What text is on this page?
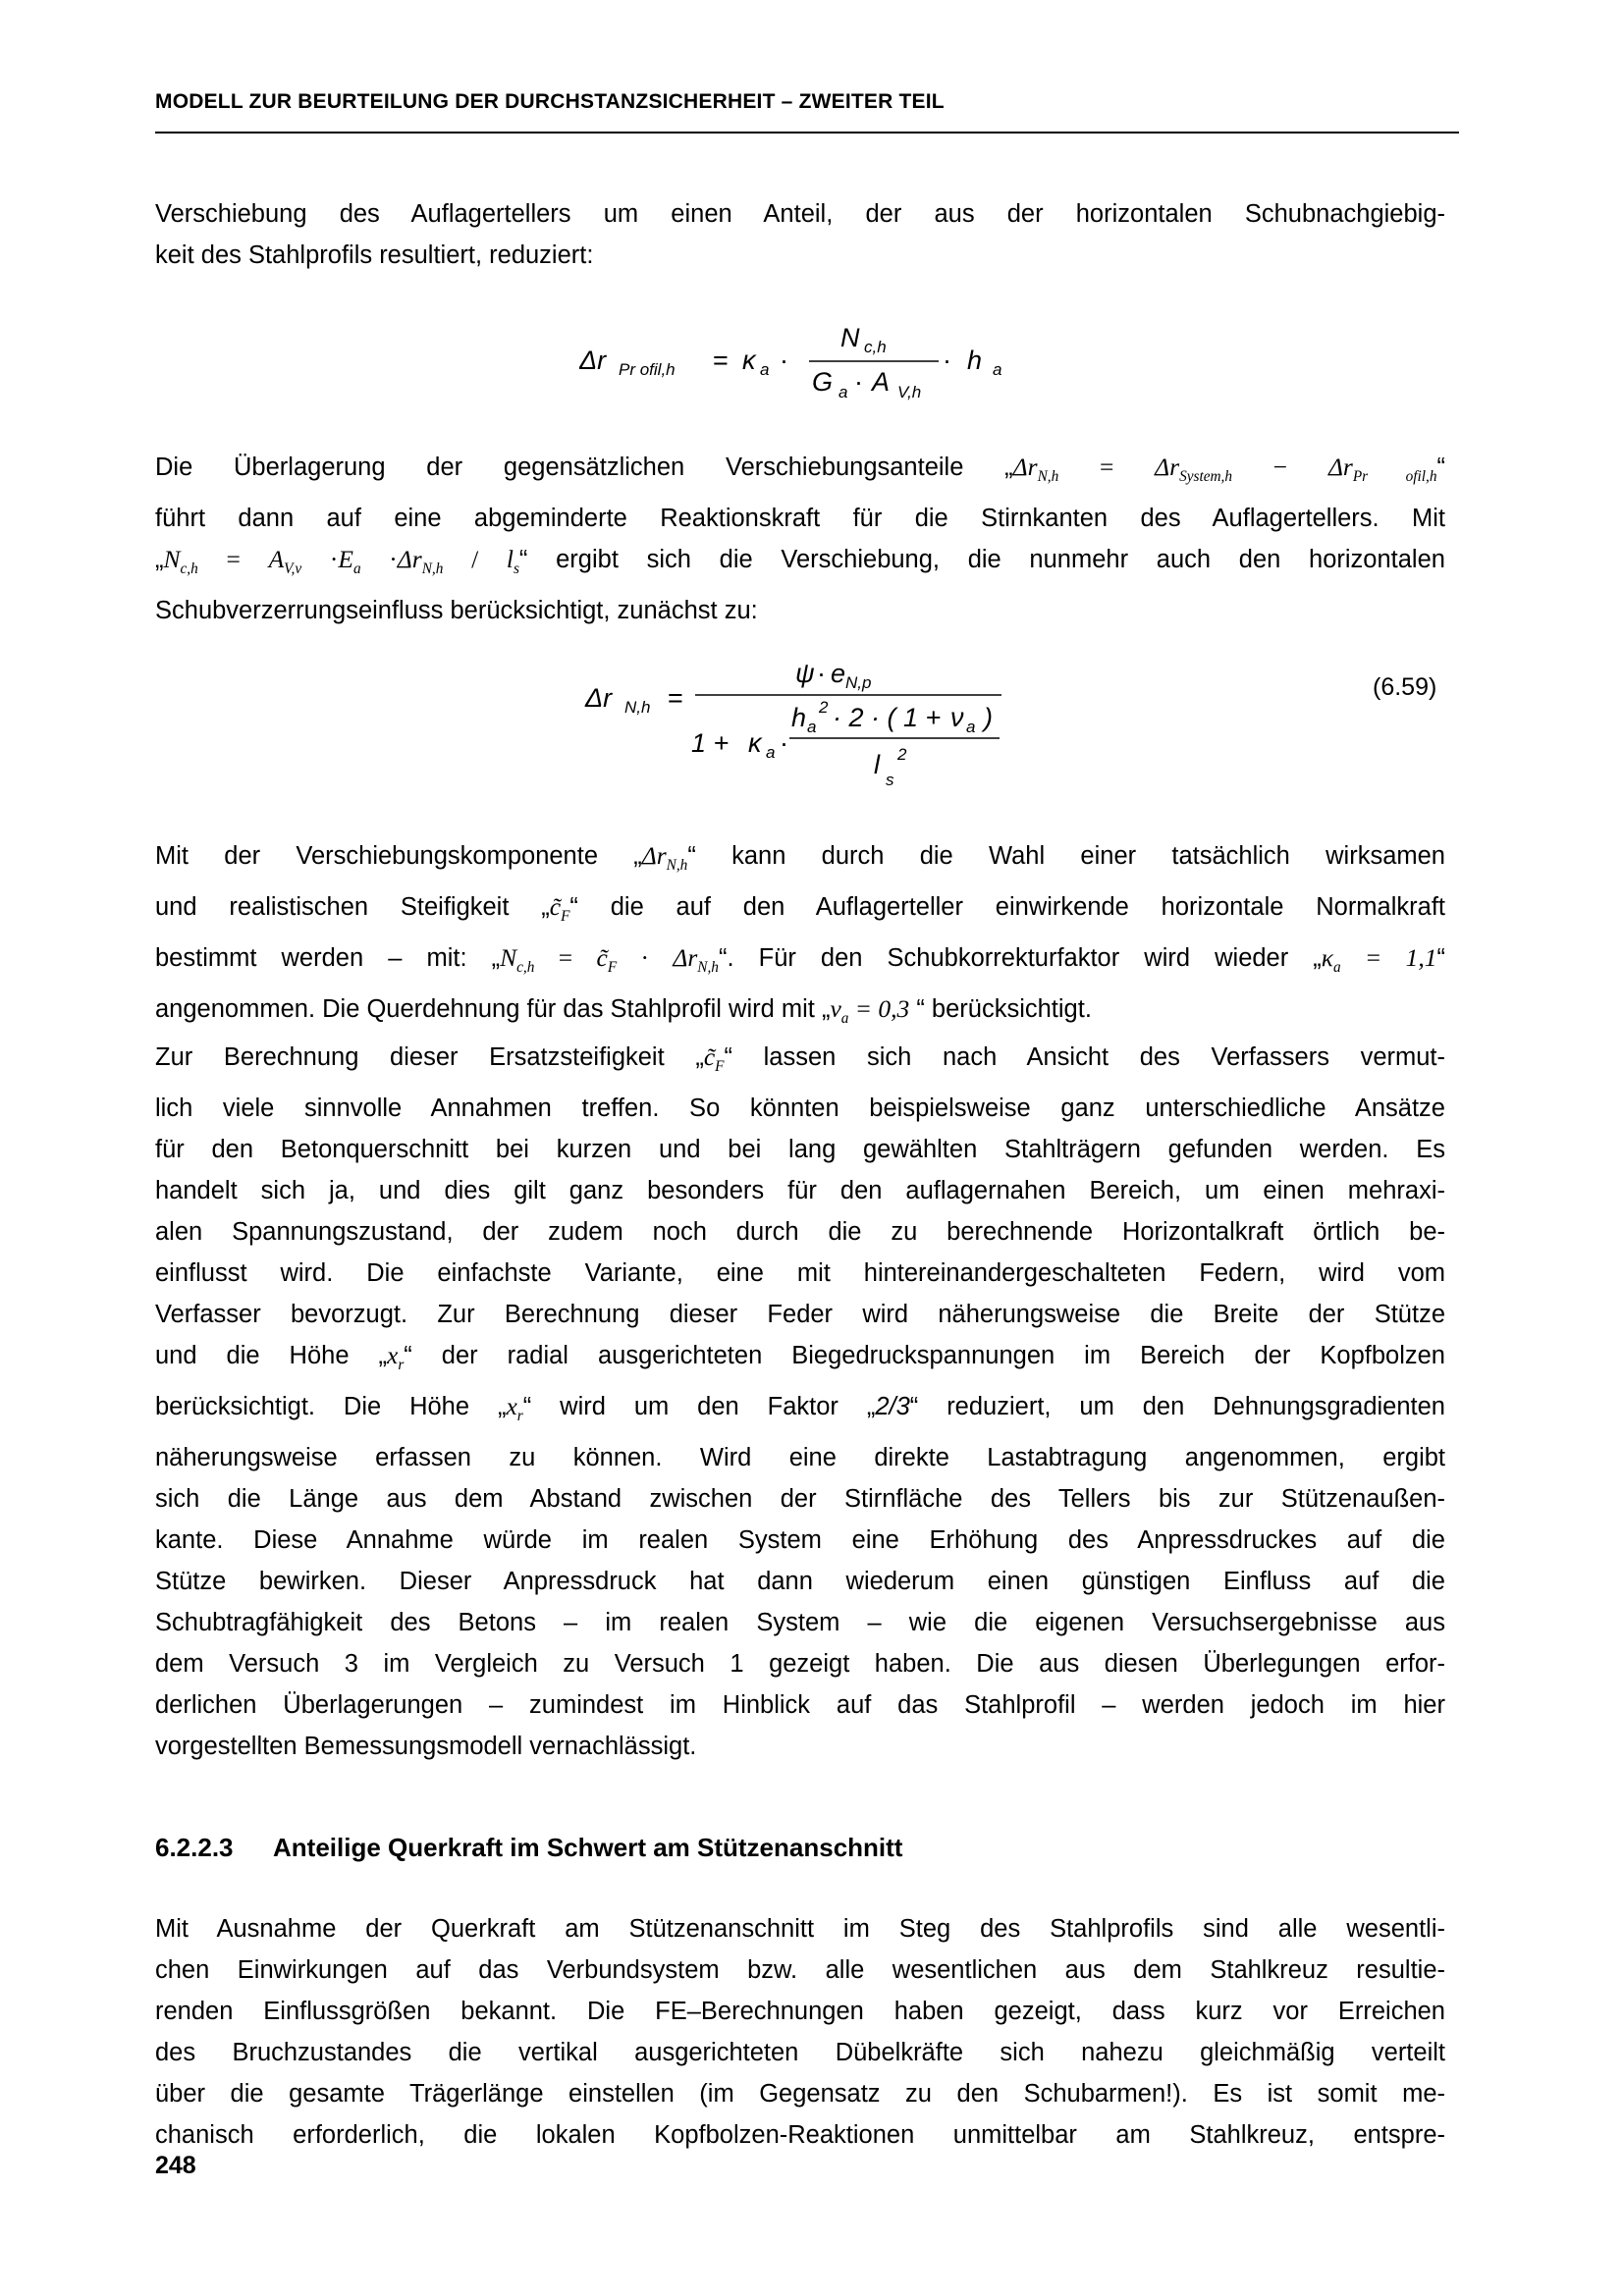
MODELL ZUR BEURTEILUNG DER DURCHSTANZSICHERHEIT – ZWEITER TEIL
Verschiebung des Auflagertellers um einen Anteil, der aus der horizontalen Schubnachgiebig-
keit des Stahlprofils resultiert, reduziert:
Δr Pr ofil,h = κ a ·
N c,h
G a · A V,h
· h a
Die Überlagerung der gegensätzlichen Verschiebungsanteile $„\Delta r_{N,h} = \Delta r_{System,h}$ − $\Delta r_{Pr ofil,h}“$
führt dann auf eine abgeminderte Reaktionskraft für die Stirnkanten des Auflagertellers. Mit
$„N_{c,h} = A_{V,v} \cdot E_a \cdot\Delta r_{N,h}$ / $l_s“$ ergibt sich die Verschiebung, die nunmehr auch den horizontalen
Schubverzerrungseinfluss berücksichtigt, zunächst zu:
Δr N,h =
ψ · e N,p
1 + κ a ·
h a
2 · 2 · ( 1 + ν a )
l
s
2
(6.59)
Mit der Verschiebungskomponente $„\Delta r_{N,h}“$ kann durch die Wahl einer tatsächlich wirksamen
und realistischen Steifigkeit $„c̃_F“$ die auf den Auflagerteller einwirkende horizontale Normalkraft
bestimmt werden – mit: $„N_{c,h}$ = $c̃_F$ · $\Delta r_{N,h}“$. Für den Schubkorrekturfaktor wird wieder $„\kappa_a$ = 1,1“
angenommen. Die Querdehnung für das Stahlprofil wird mit $„\nu_a = 0,3$ “ berücksichtigt.
Zur Berechnung dieser Ersatzsteifigkeit $„c̃_F“$ lassen sich nach Ansicht des Verfassers vermut-
lich viele sinnvolle Annahmen treffen. So könnten beispielsweise ganz unterschiedliche Ansätze
für den Betonquerschnitt bei kurzen und bei lang gewählten Stahlträgern gefunden werden. Es
handelt sich ja, und dies gilt ganz besonders für den auflagernahen Bereich, um einen mehraxi-
alen Spannungszustand, der zudem noch durch die zu berechnende Horizontalkraft örtlich be-
einflusst wird. Die einfachste Variante, eine mit hintereinandergeschalteten Federn, wird vom
Verfasser bevorzugt. Zur Berechnung dieser Feder wird näherungsweise die Breite der Stütze
und die Höhe $„x_r“$ der radial ausgerichteten Biegedruckspannungen im Bereich der Kopfbolzen
berücksichtigt. Die Höhe $„x_r“$ wird um den Faktor „2/3“ reduziert, um den Dehnungsgradienten
näherungsweise erfassen zu können. Wird eine direkte Lastabtragung angenommen, ergibt
sich die Länge aus dem Abstand zwischen der Stirnfläche des Tellers bis zur Stützenaußen-
kante. Diese Annahme würde im realen System eine Erhöhung des Anpressdruckes auf die
Stütze bewirken. Dieser Anpressdruck hat dann wiederum einen günstigen Einfluss auf die
Schubtragfähigkeit des Betons – im realen System – wie die eigenen Versuchsergebnisse aus
dem Versuch 3 im Vergleich zu Versuch 1 gezeigt haben. Die aus diesen Überlegungen erfor-
derlichen Überlagerungen – zumindest im Hinblick auf das Stahlprofil – werden jedoch im hier
vorgestellten Bemessungsmodell vernachlässigt.
6.2.2.3 Anteilige Querkraft im Schwert am Stützenanschnitt
Mit Ausnahme der Querkraft am Stützenanschnitt im Steg des Stahlprofils sind alle wesentli-
chen Einwirkungen auf das Verbundsystem bzw. alle wesentlichen aus dem Stahlkreuz resultie-
renden Einflussgrößen bekannt. Die FE–Berechnungen haben gezeigt, dass kurz vor Erreichen
des Bruchzustandes die vertikal ausgerichteten Dübelkräfte sich nahezu gleichmäßig verteilt
über die gesamte Trägerlänge einstellen (im Gegensatz zu den Schubarmen!). Es ist somit me-
chanisch erforderlich, die lokalen Kopfbolzen-Reaktionen unmittelbar am Stahlkreuz, entspre-
248
